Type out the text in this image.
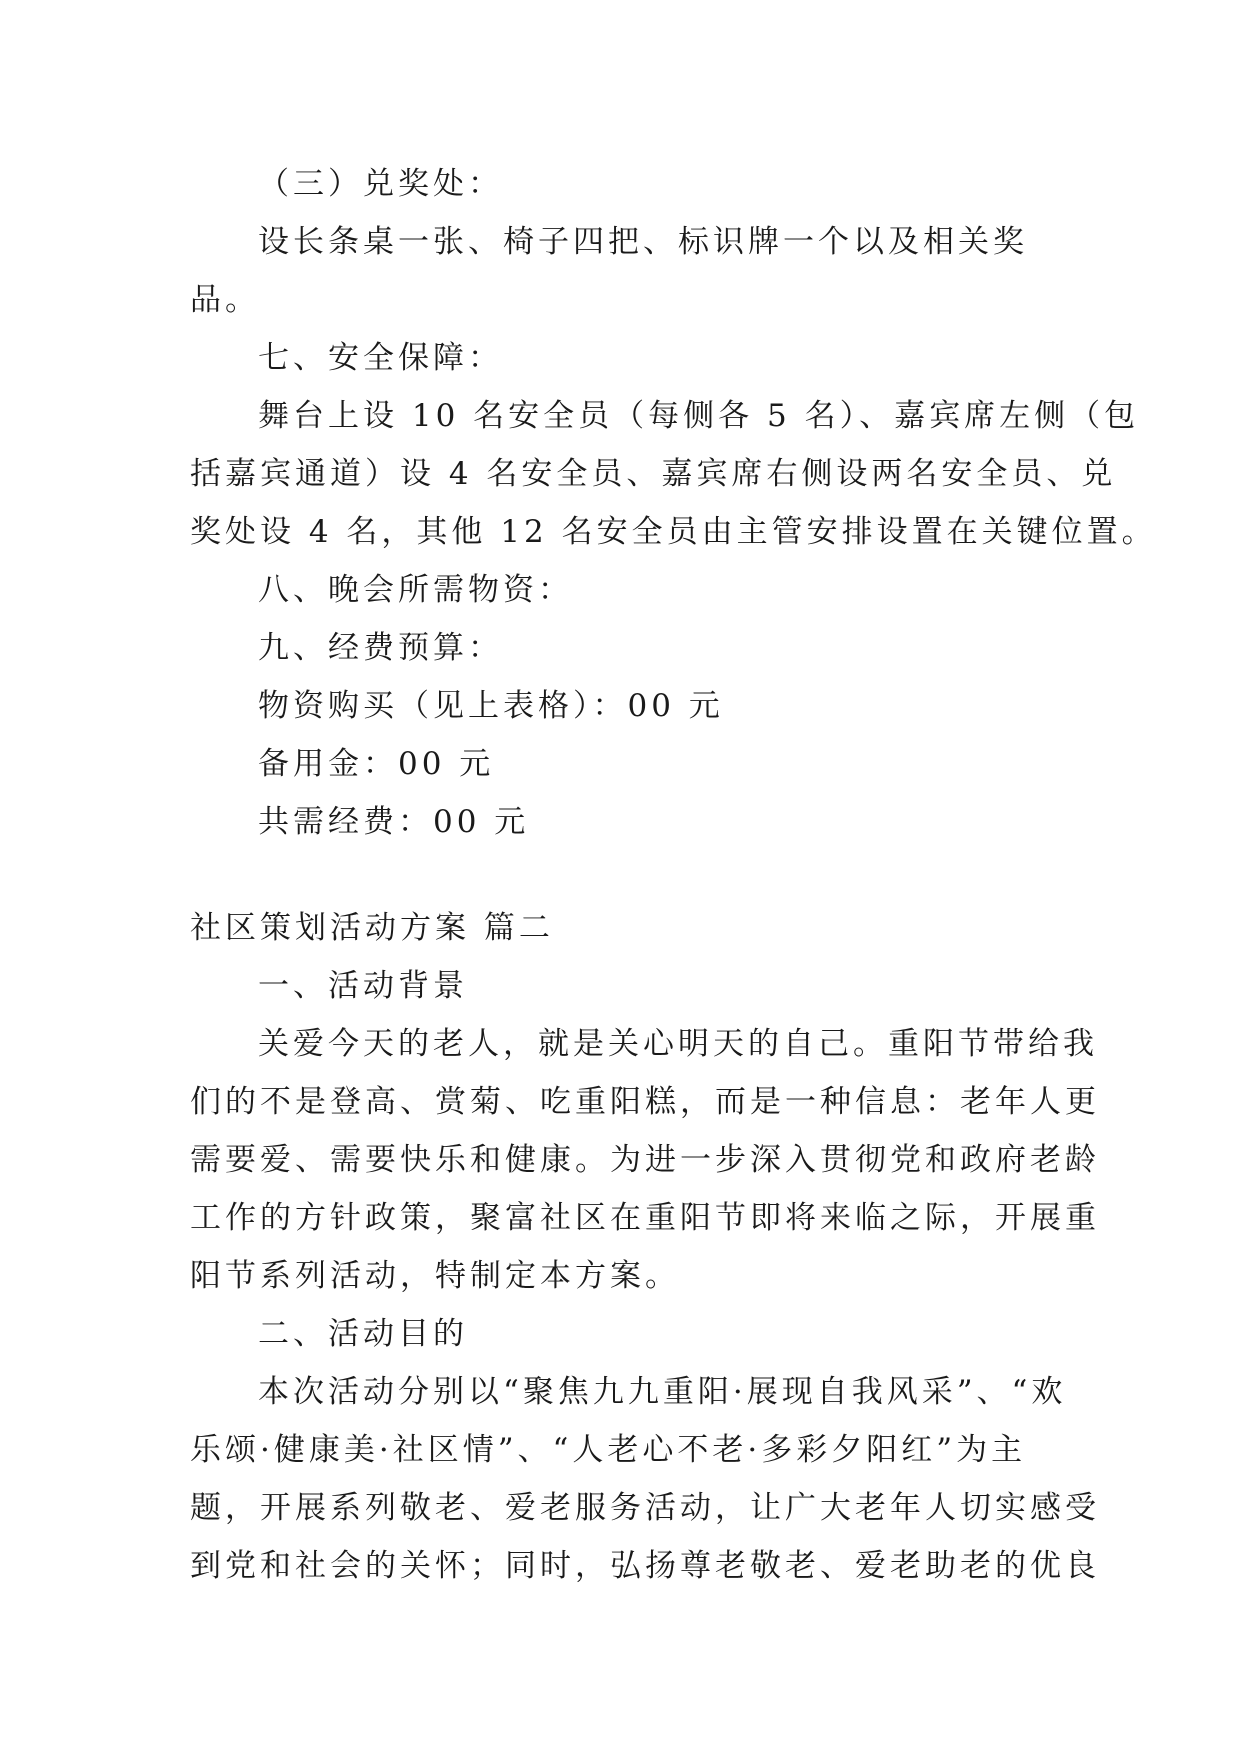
（三）兑奖处：
设长条桌一张、椅子四把、标识牌一个以及相关奖品。
七、安全保障：
舞台上设 10 名安全员（每侧各 5 名）、嘉宾席左侧（包
括嘉宾通道）设 4 名安全员、嘉宾席右侧设两名安全员、兑
奖处设 4 名，其他 12 名安全员由主管安排设置在关键位置。
八、晚会所需物资：
九、经费预算：
物资购买（见上表格）：00 元
备用金：00 元
共需经费：00 元
社区策划活动方案 篇二
一、活动背景
关爱今天的老人，就是关心明天的自己。重阳节带给我
们的不是登高、赏菊、吃重阳糕，而是一种信息：老年人更
需要爱、需要快乐和健康。为进一步深入贯彻党和政府老龄
工作的方针政策，聚富社区在重阳节即将来临之际，开展重
阳节系列活动，特制定本方案。
二、活动目的
本次活动分别以“聚焦九九重阳·展现自我风采”、“欢
乐颂·健康美·社区情”、“人老心不老·多彩夕阳红”为主
题，开展系列敬老、爱老服务活动，让广大老年人切实感受
到党和社会的关怀；同时，弘扬尊老敬老、爱老助老的优良
